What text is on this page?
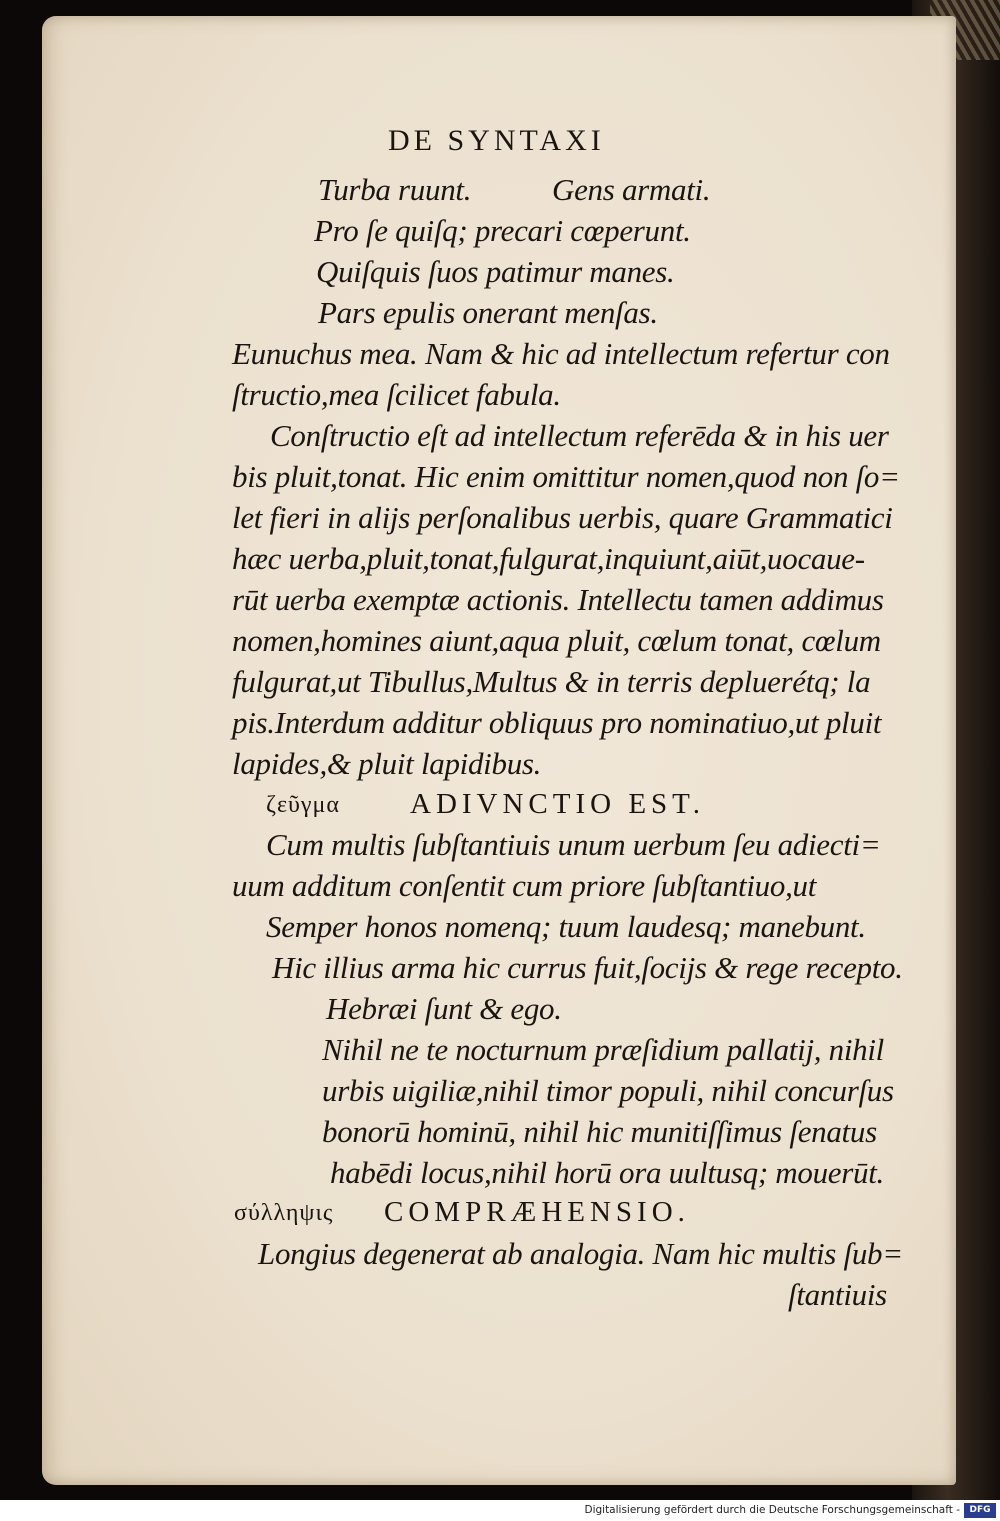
DE SYNTAXI
Turba ruunt.	Gens armati.
Pro ſe quiſq; precari cœperunt.
Quiſquis ſuos patimur manes.
Pars epulis onerant menſas.
Eunuchus mea. Nam & hic ad intellectum refertur con
ſtructio,mea ſcilicet fabula.
Conſtructio eſt ad intellectum referēda & in his uer
bis pluit,tonat. Hic enim omittitur nomen,quod non ſo=
let fieri in alijs perſonalibus uerbis, quare Grammatici
hæc uerba,pluit,tonat,fulgurat,inquiunt,aiūt,uocaue-
rūt uerba exemptæ actionis. Intellectu tamen addimus
nomen,homines aiunt,aqua pluit, cœlum tonat, cœlum
fulgurat,ut Tibullus,Multus & in terris depluerétq; la
pis.Interdum additur obliquus pro nominatiuo,ut pluit
lapides,& pluit lapidibus.
ζεῦγμα ADIVNCTIO EST.
Cum multis ſubſtantiuis unum uerbum ſeu adiecti=
uum additum conſentit cum priore ſubſtantiuo,ut
Semper honos nomenq; tuum laudesq; manebunt.
Hic illius arma hic currus fuit,ſocijs & rege recepto.
Hebræi ſunt & ego.
Nihil ne te nocturnum præſidium pallatij, nihil
urbis uigiliæ,nihil timor populi, nihil concurſus
bonorū hominū, nihil hic munitiſſimus ſenatus
habēdi locus,nihil horū ora uultusq; mouerūt.
σύλληψις COMPRÆHENSIO.
Longius degenerat ab analogia. Nam hic multis ſub=
ſtantiuis
Digitalisierung gefördert durch die Deutsche Forschungsgemeinschaft -	DFG
